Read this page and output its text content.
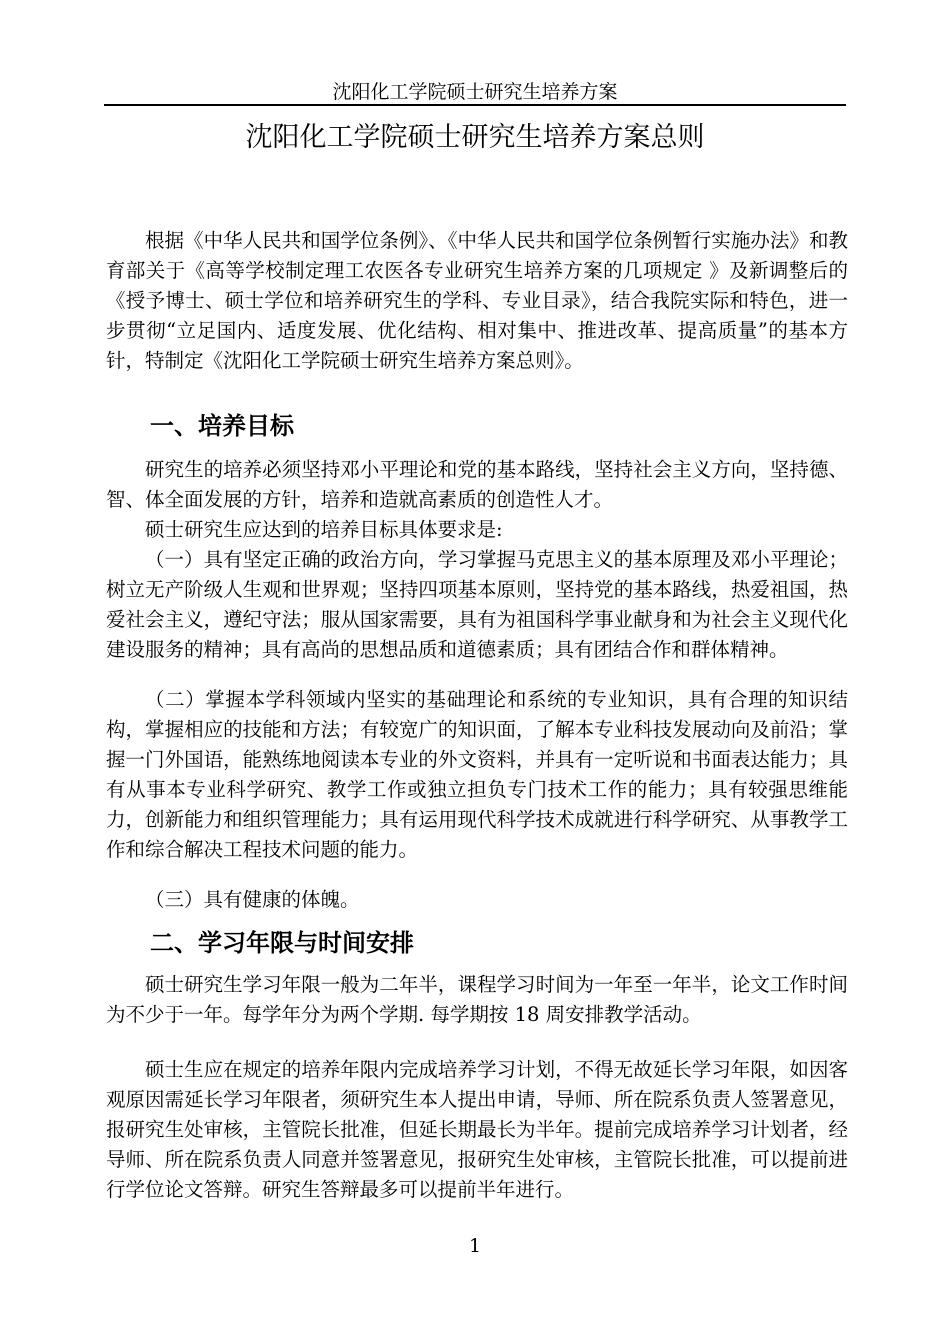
沈阳化工学院硕士研究生培养方案
沈阳化工学院硕士研究生培养方案总则

根据《中华人民共和国学位条例》、《中华人民共和国学位条例暂行实施办法》和教育部关于《高等学校制定理工农医各专业研究生培养方案的几项规定 》及新调整后的《授予博士、硕士学位和培养研究生的学科、专业目录》，结合我院实际和特色，进一步贯彻“立足国内、适度发展、优化结构、相对集中、推进改革、提高质量”的基本方针，特制定《沈阳化工学院硕士研究生培养方案总则》。

一、培养目标

研究生的培养必须坚持邓小平理论和党的基本路线，坚持社会主义方向，坚持德、智、体全面发展的方针，培养和造就高素质的创造性人才。

硕士研究生应达到的培养目标具体要求是:

（一）具有坚定正确的政治方向，学习掌握马克思主义的基本原理及邓小平理论；树立无产阶级人生观和世界观；坚持四项基本原则，坚持党的基本路线，热爱祖国，热爱社会主义，遵纪守法；服从国家需要，具有为祖国科学事业献身和为社会主义现代化建设服务的精神；具有高尚的思想品质和道德素质；具有团结合作和群体精神。

（二）掌握本学科领域内坚实的基础理论和系统的专业知识，具有合理的知识结构，掌握相应的技能和方法；有较宽广的知识面，了解本专业科技发展动向及前沿；掌握一门外国语，能熟练地阅读本专业的外文资料，并具有一定听说和书面表达能力；具有从事本专业科学研究、教学工作或独立担负专门技术工作的能力；具有较强思维能力，创新能力和组织管理能力；具有运用现代科学技术成就进行科学研究、从事教学工作和综合解决工程技术问题的能力。

（三）具有健康的体魄。

二、学习年限与时间安排

硕士研究生学习年限一般为二年半，课程学习时间为一年至一年半，论文工作时间为不少于一年。每学年分为两个学期. 每学期按 18 周安排教学活动。

硕士生应在规定的培养年限内完成培养学习计划，不得无故延长学习年限，如因客观原因需延长学习年限者，须研究生本人提出申请，导师、所在院系负责人签署意见，报研究生处审核，主管院长批准，但延长期最长为半年。提前完成培养学习计划者，经导师、所在院系负责人同意并签署意见，报研究生处审核，主管院长批准，可以提前进行学位论文答辩。研究生答辩最多可以提前半年进行。

1
